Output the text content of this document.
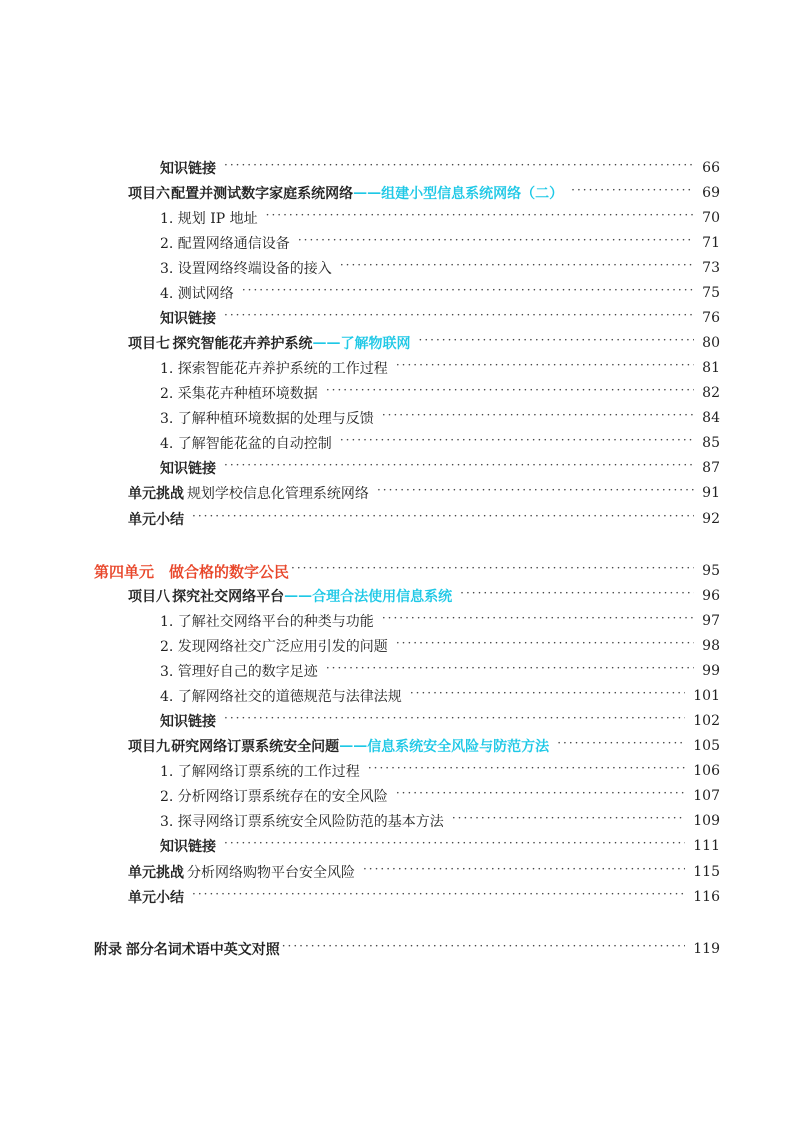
知识链接 ·····	66
项目六 配置并测试数字家庭系统网络 —— 组建小型信息系统网络（二） ·····	69
1. 规划 IP 地址 ·····	70
2. 配置网络通信设备 ·····	71
3. 设置网络终端设备的接入 ·····	73
4. 测试网络 ·····	75
知识链接 ·····	76
项目七 探究智能花卉养护系统 —— 了解物联网 ·····	80
1. 探索智能花卉养护系统的工作过程 ·····	81
2. 采集花卉种植环境数据 ·····	82
3. 了解种植环境数据的处理与反馈 ·····	84
4. 了解智能花盆的自动控制 ·····	85
知识链接 ·····	87
单元挑战 规划学校信息化管理系统网络 ·····	91
单元小结 ·····	92
第四单元　做合格的数字公民 ·····	95
项目八 探究社交网络平台 —— 合理合法使用信息系统 ·····	96
1. 了解社交网络平台的种类与功能 ·····	97
2. 发现网络社交广泛应用引发的问题 ·····	98
3. 管理好自己的数字足迹 ·····	99
4. 了解网络社交的道德规范与法律法规 ·····	101
知识链接 ·····	102
项目九 研究网络订票系统安全问题 —— 信息系统安全风险与防范方法 ·····	105
1. 了解网络订票系统的工作过程 ·····	106
2. 分析网络订票系统存在的安全风险 ·····	107
3. 探寻网络订票系统安全风险防范的基本方法 ·····	109
知识链接 ·····	111
单元挑战 分析网络购物平台安全风险 ·····	115
单元小结 ·····	116
附录 部分名词术语中英文对照 ·····	119
